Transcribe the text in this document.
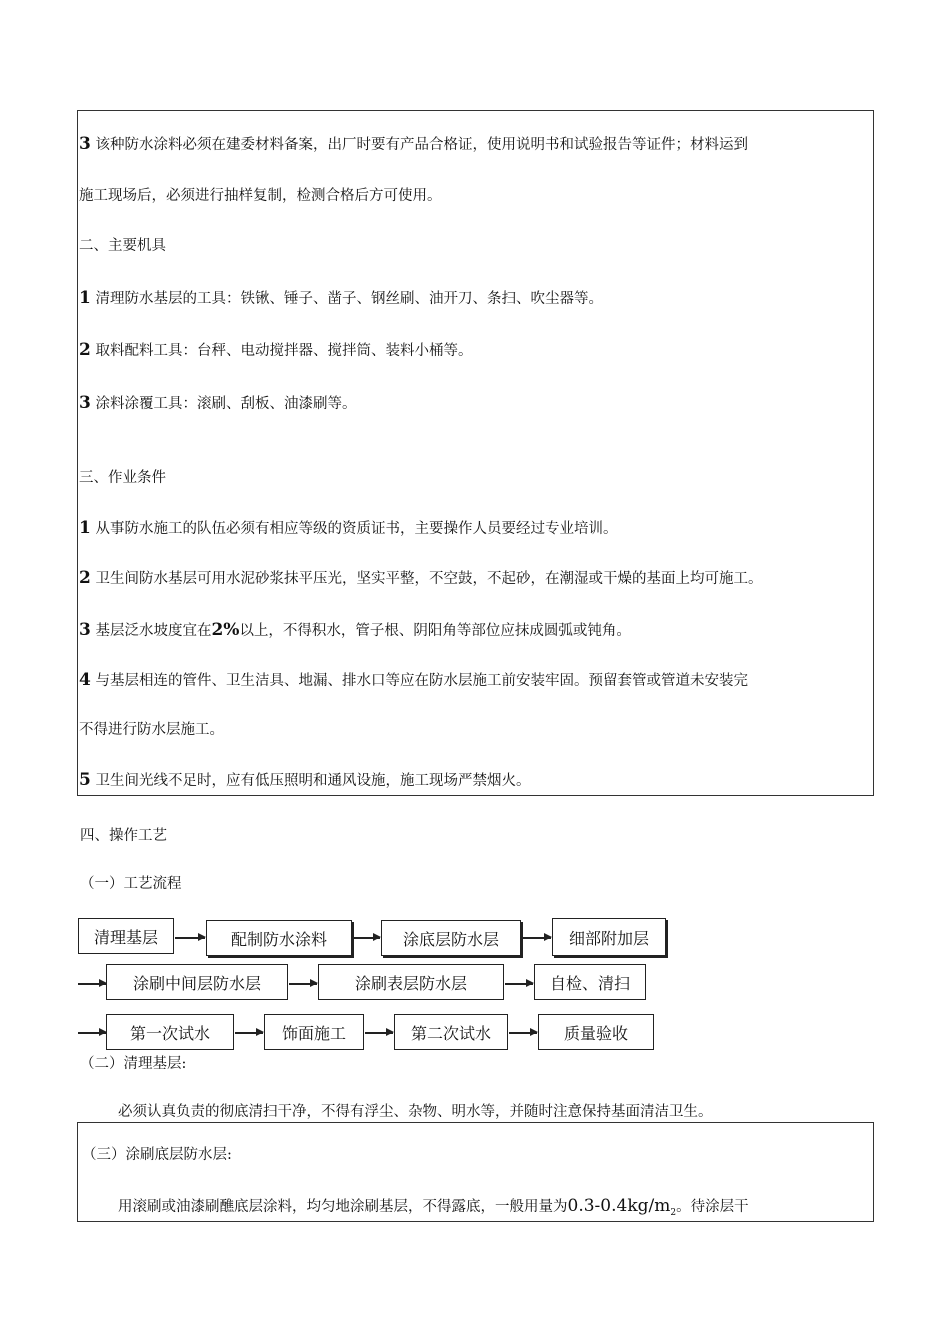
3 该种防水涂料必须在建委材料备案，出厂时要有产品合格证，使用说明书和试验报告等证件；材料运到
施工现场后，必须进行抽样复制，检测合格后方可使用。
二、主要机具
1 清理防水基层的工具：铁锹、锤子、凿子、钢丝刷、油开刀、条扫、吹尘器等。
2 取料配料工具：台秤、电动搅拌器、搅拌筒、装料小桶等。
3 涂料涂覆工具：滚刷、刮板、油漆刷等。
三、作业条件
1 从事防水施工的队伍必须有相应等级的资质证书，主要操作人员要经过专业培训。
2 卫生间防水基层可用水泥砂浆抹平压光，坚实平整，不空鼓，不起砂，在潮湿或干燥的基面上均可施工。
3 基层泛水坡度宜在2%以上，不得积水，管子根、阴阳角等部位应抹成圆弧或钝角。
4 与基层相连的管件、卫生洁具、地漏、排水口等应在防水层施工前安装牢固。预留套管或管道未安装完
不得进行防水层施工。
5 卫生间光线不足时，应有低压照明和通风设施，施工现场严禁烟火。
四、操作工艺
（一）工艺流程
清理基层	配制防水涂料	涂底层防水层	细部附加层
涂刷中间层防水层	涂刷表层防水层	自检、清扫
第一次试水	饰面施工	第二次试水	质量验收
（二）清理基层:
必须认真负责的彻底清扫干净，不得有浮尘、杂物、明水等，并随时注意保持基面清洁卫生。
（三）涂刷底层防水层:
用滚刷或油漆刷醮底层涂料，均匀地涂刷基层，不得露底，一般用量为$0.3-0.4kg/m_2$。待涂层干
